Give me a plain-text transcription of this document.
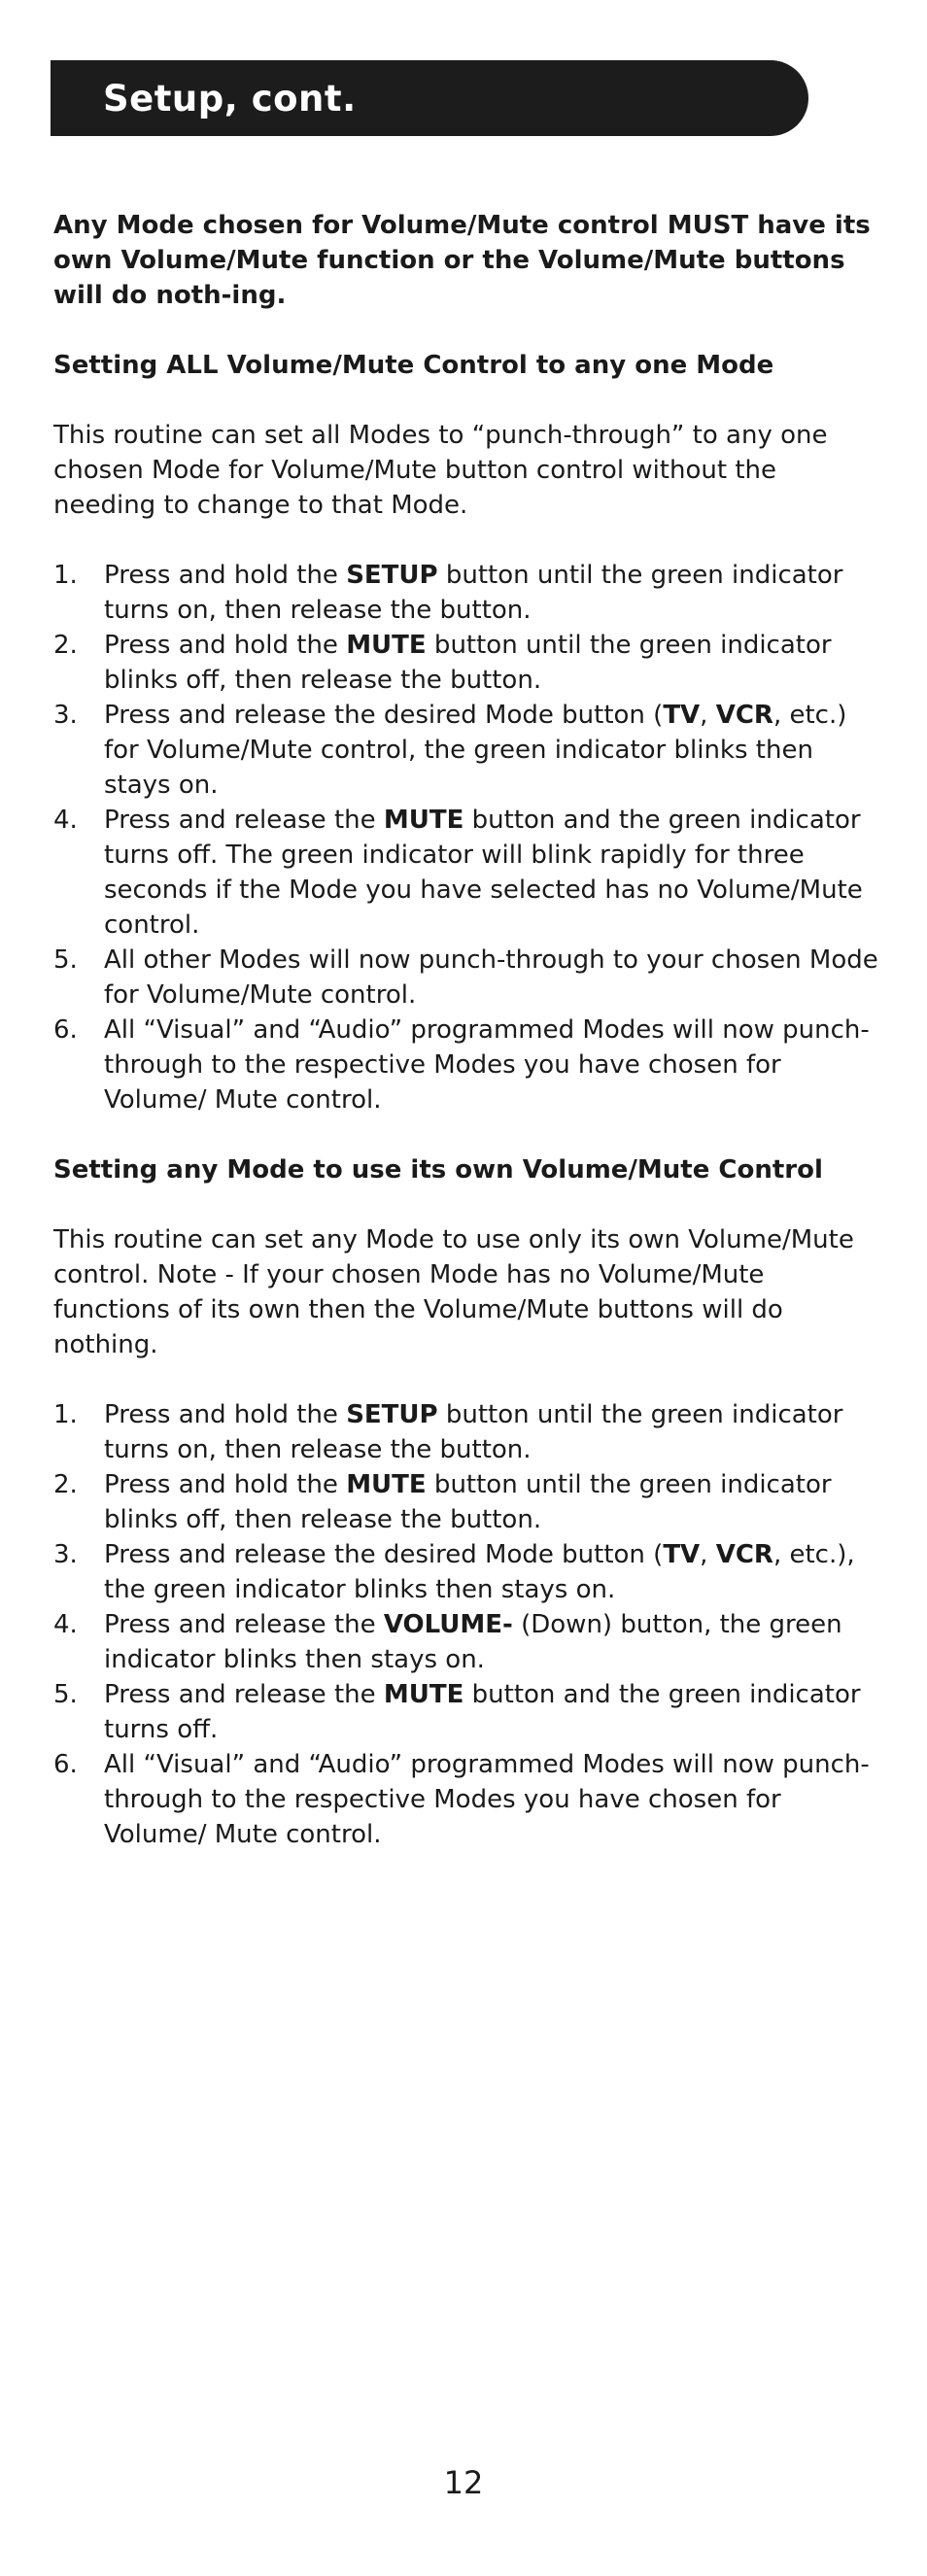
Setup, cont.

Any Mode chosen for Volume/Mute control MUST have its own Volume/Mute function or the Volume/Mute buttons will do noth-ing.

Setting ALL Volume/Mute Control to any one Mode

This routine can set all Modes to “punch-through” to any one chosen Mode for Volume/Mute button control without the needing to change to that Mode.

1. Press and hold the SETUP button until the green indicator turns on, then release the button.
2. Press and hold the MUTE button until the green indicator blinks off, then release the button.
3. Press and release the desired Mode button (TV, VCR, etc.) for Volume/Mute control, the green indicator blinks then stays on.
4. Press and release the MUTE button and the green indicator turns off. The green indicator will blink rapidly for three seconds if the Mode you have selected has no Volume/Mute control.
5. All other Modes will now punch-through to your chosen Mode for Volume/Mute control.
6. All “Visual” and “Audio” programmed Modes will now punch-through to the respective Modes you have chosen for Volume/ Mute control.

Setting any Mode to use its own Volume/Mute Control

This routine can set any Mode to use only its own Volume/Mute control. Note - If your chosen Mode has no Volume/Mute functions of its own then the Volume/Mute buttons will do nothing.

1. Press and hold the SETUP button until the green indicator turns on, then release the button.
2. Press and hold the MUTE button until the green indicator blinks off, then release the button.
3. Press and release the desired Mode button (TV, VCR, etc.), the green indicator blinks then stays on.
4. Press and release the VOLUME- (Down) button, the green indicator blinks then stays on.
5. Press and release the MUTE button and the green indicator turns off.
6. All “Visual” and “Audio” programmed Modes will now punch-through to the respective Modes you have chosen for Volume/ Mute control.
12
